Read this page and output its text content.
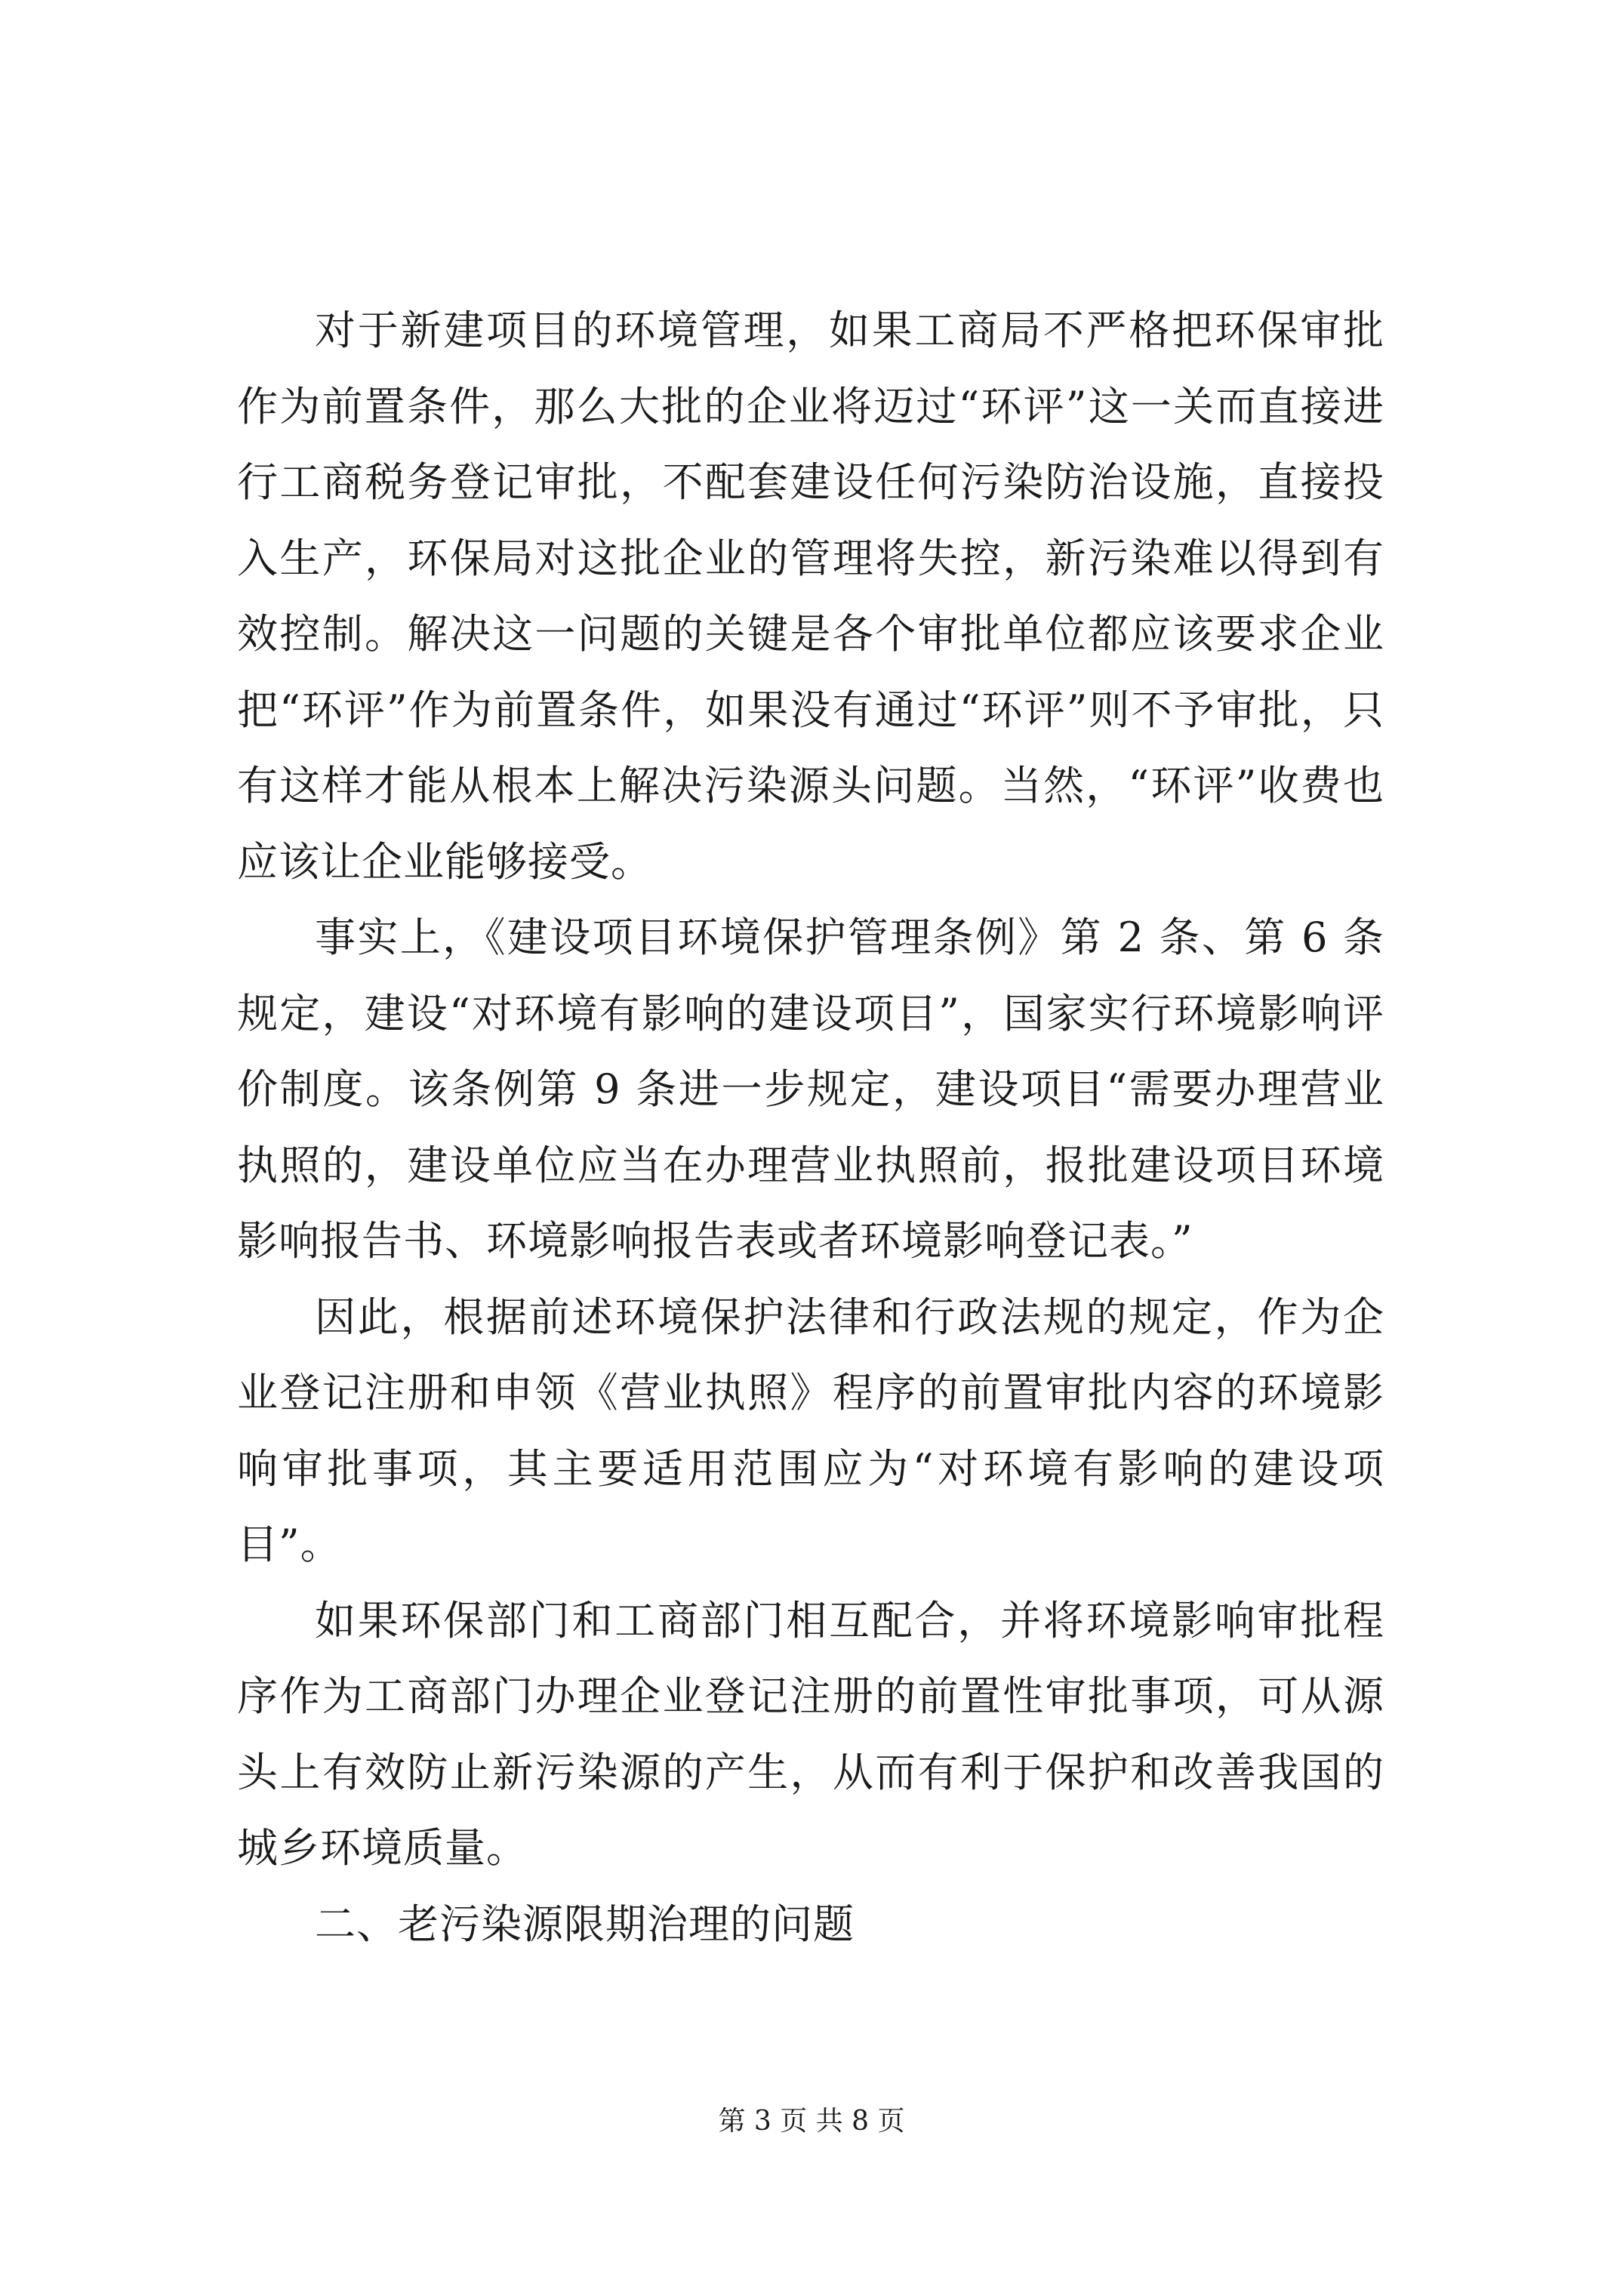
对于新建项目的环境管理，如果工商局不严格把环保审批作为前置条件，那么大批的企业将迈过“环评”这一关而直接进行工商税务登记审批，不配套建设任何污染防治设施，直接投入生产，环保局对这批企业的管理将失控，新污染难以得到有效控制。解决这一问题的关键是各个审批单位都应该要求企业把“环评”作为前置条件，如果没有通过“环评”则不予审批，只有这样才能从根本上解决污染源头问题。当然，“环评”收费也应该让企业能够接受。

事实上，《建设项目环境保护管理条例》第 2 条、第 6 条规定，建设“对环境有影响的建设项目”，国家实行环境影响评价制度。该条例第 9 条进一步规定，建设项目“需要办理营业执照的，建设单位应当在办理营业执照前，报批建设项目环境影响报告书、环境影响报告表或者环境影响登记表。”

因此，根据前述环境保护法律和行政法规的规定，作为企业登记注册和申领《营业执照》程序的前置审批内容的环境影响审批事项，其主要适用范围应为“对环境有影响的建设项目”。

如果环保部门和工商部门相互配合，并将环境影响审批程序作为工商部门办理企业登记注册的前置性审批事项，可从源头上有效防止新污染源的产生，从而有利于保护和改善我国的城乡环境质量。

二、老污染源限期治理的问题

第 3 页 共 8 页
